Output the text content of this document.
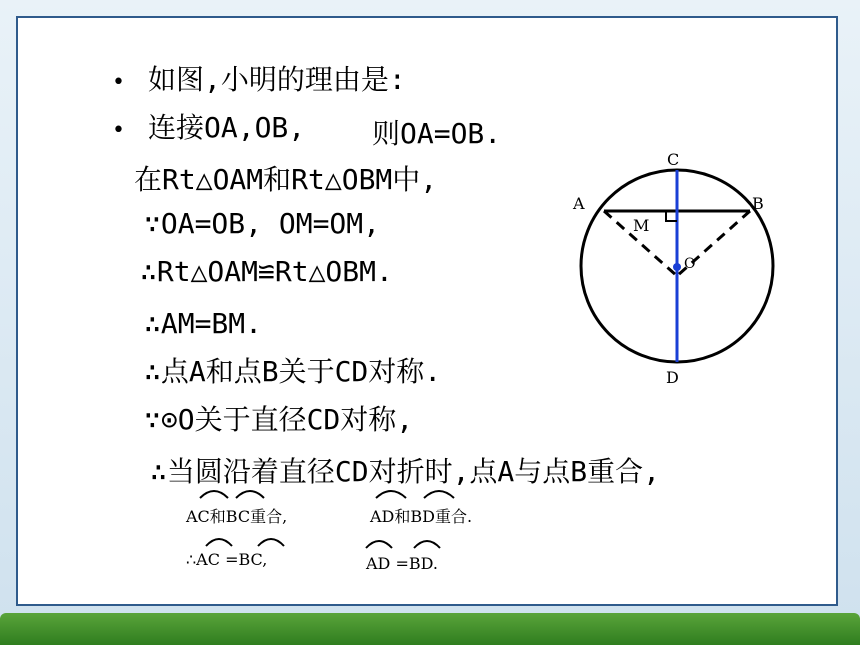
• 如图,小明的理由是:
• 连接OA,OB, 则OA=OB.
在Rt△OAM和Rt△OBM中,
∵OA=OB, OM=OM,
∴Rt△OAM≌Rt△OBM.
∴AM=BM.
∴点A和点B关于CD对称.
∵⊙O关于直径CD对称,
∴当圆沿着直径CD对折时,点A与点B重合,
AC和BC重合,	AD和BD重合.
∴AC =BC,	AD =BD.
C
A	B
M
O
D
